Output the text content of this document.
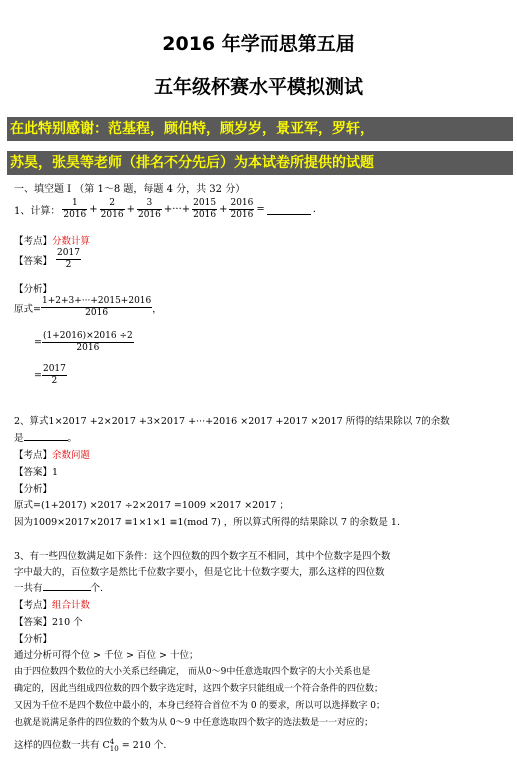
2016 年学而思第五届
五年级杯赛水平模拟测试
在此特别感谢：范基程，顾伯特，顾岁岁，景亚军，罗轩，
苏昊，张昊等老师（排名不分先后）为本试卷所提供的试题
一、填空题 I （第 1～8 题，每题 4 分，共 32 分）
1、计算： $\frac{1}{2016} + \frac{2}{2016} + \frac{3}{2016}$ +···+ $\frac{2015}{2016} + \frac{2016}{2016}$ =	.
【考点】分数计算
【答案】 $\frac{2017}{2}$
【分析】
原式= $\frac{1+2+3+\cdot\cdot\cdot+2015+2016}{2016}$ ，
= $\frac{(1+2016)\times 2016 \div 2}{2016}$
= $\frac{2017}{2}$
2、算式1×2017 +2×2017 +3×2017 +···+2016 ×2017 +2017 ×2017 所得的结果除以 7的余数
是	。
【考点】余数问题
【答案】1
【分析】
原式=(1+2017) ×2017 ÷2×2017 =1009 ×2017 ×2017 ；
因为1009×2017×2017 ≡1×1×1 ≡1(mod 7) ，所以算式所得的结果除以 7 的余数是 1.
3、有一些四位数满足如下条件：这个四位数的四个数字互不相同，其中个位数字是四个数
字中最大的，百位数字是然比千位数字要小，但是它比十位数字要大，那么这样的四位数
一共有	个.
【考点】组合计数
【答案】210 个
【分析】
通过分析可得个位 > 千位 > 百位 > 十位；
由于四位数四个数位的大小关系已经确定， 而从0～9中任意选取四个数字的大小关系也是
确定的，因此当组成四位数的四个数字选定时，这四个数字只能组成一个符合条件的四位数；
又因为千位不是四个数位中最小的，本身已经符合首位不为 0 的要求，所以可以选择数字 0；
也就是说满足条件的四位数的个数为从 0～9 中任意选取四个数字的选法数是一一对应的；
这样的四位数一共有 C 4
10 = 210 个.
